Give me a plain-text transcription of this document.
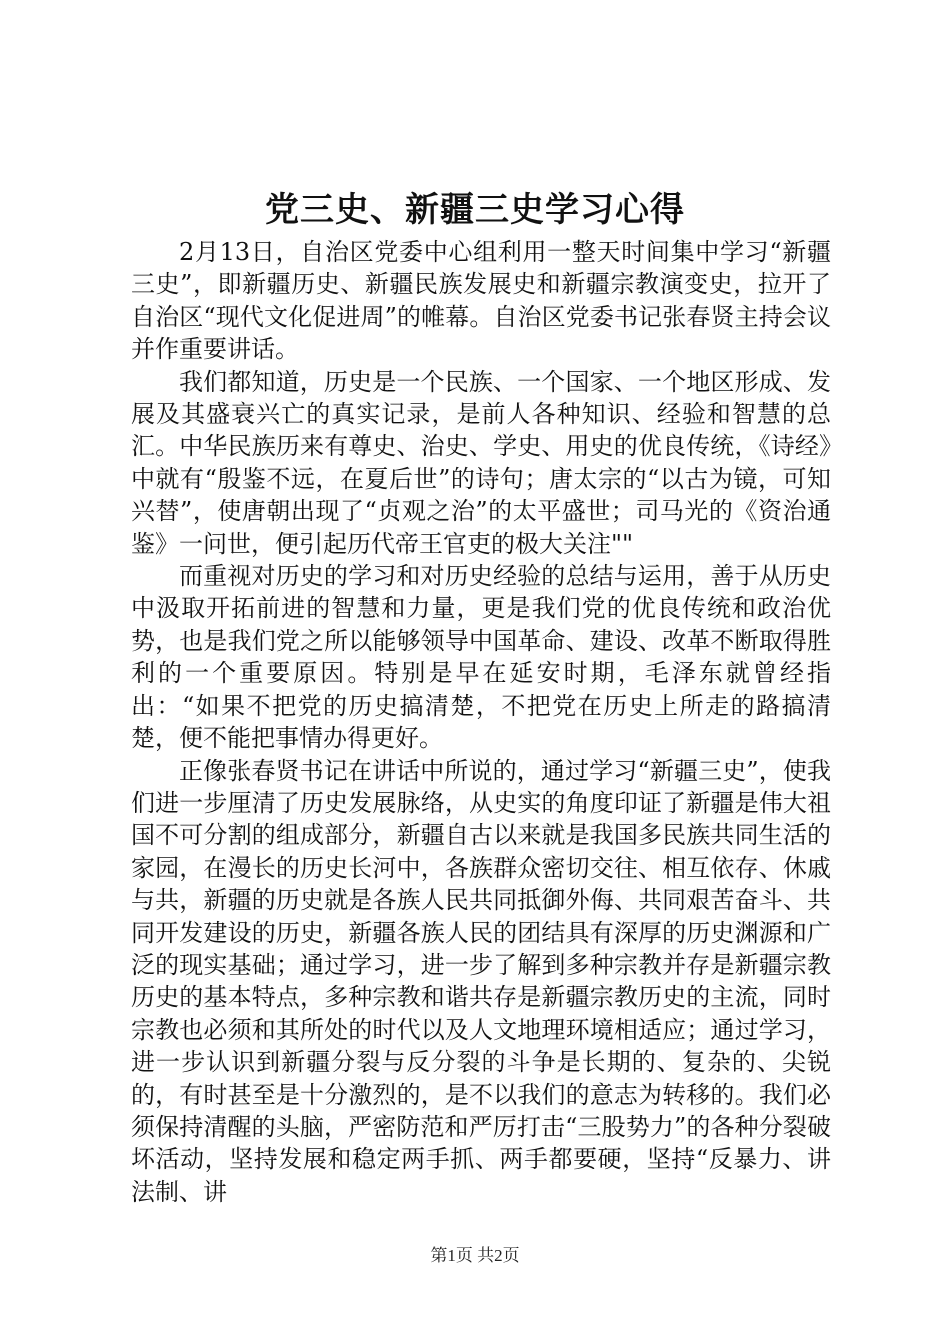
党三史、新疆三史学习心得

2月13日，自治区党委中心组利用一整天时间集中学习“新疆三史”，即新疆历史、新疆民族发展史和新疆宗教演变史，拉开了自治区“现代文化促进周”的帷幕。自治区党委书记张春贤主持会议并作重要讲话。

我们都知道，历史是一个民族、一个国家、一个地区形成、发展及其盛衰兴亡的真实记录，是前人各种知识、经验和智慧的总汇。中华民族历来有尊史、治史、学史、用史的优良传统，《诗经》中就有“殷鉴不远，在夏后世”的诗句；唐太宗的“以古为镜，可知兴替”，使唐朝出现了“贞观之治”的太平盛世；司马光的《资治通鉴》一问世，便引起历代帝王官吏的极大关注""

而重视对历史的学习和对历史经验的总结与运用，善于从历史中汲取开拓前进的智慧和力量，更是我们党的优良传统和政治优势，也是我们党之所以能够领导中国革命、建设、改革不断取得胜利的一个重要原因。特别是早在延安时期，毛泽东就曾经指出：“如果不把党的历史搞清楚，不把党在历史上所走的路搞清楚，便不能把事情办得更好。

正像张春贤书记在讲话中所说的，通过学习“新疆三史”，使我们进一步厘清了历史发展脉络，从史实的角度印证了新疆是伟大祖国不可分割的组成部分，新疆自古以来就是我国多民族共同生活的家园，在漫长的历史长河中，各族群众密切交往、相互依存、休戚与共，新疆的历史就是各族人民共同抵御外侮、共同艰苦奋斗、共同开发建设的历史，新疆各族人民的团结具有深厚的历史渊源和广泛的现实基础；通过学习，进一步了解到多种宗教并存是新疆宗教历史的基本特点，多种宗教和谐共存是新疆宗教历史的主流，同时宗教也必须和其所处的时代以及人文地理环境相适应；通过学习，进一步认识到新疆分裂与反分裂的斗争是长期的、复杂的、尖锐的，有时甚至是十分激烈的，是不以我们的意志为转移的。我们必须保持清醒的头脑，严密防范和严厉打击“三股势力”的各种分裂破坏活动，坚持发展和稳定两手抓、两手都要硬，坚持“反暴力、讲法制、讲

第1页 共2页
